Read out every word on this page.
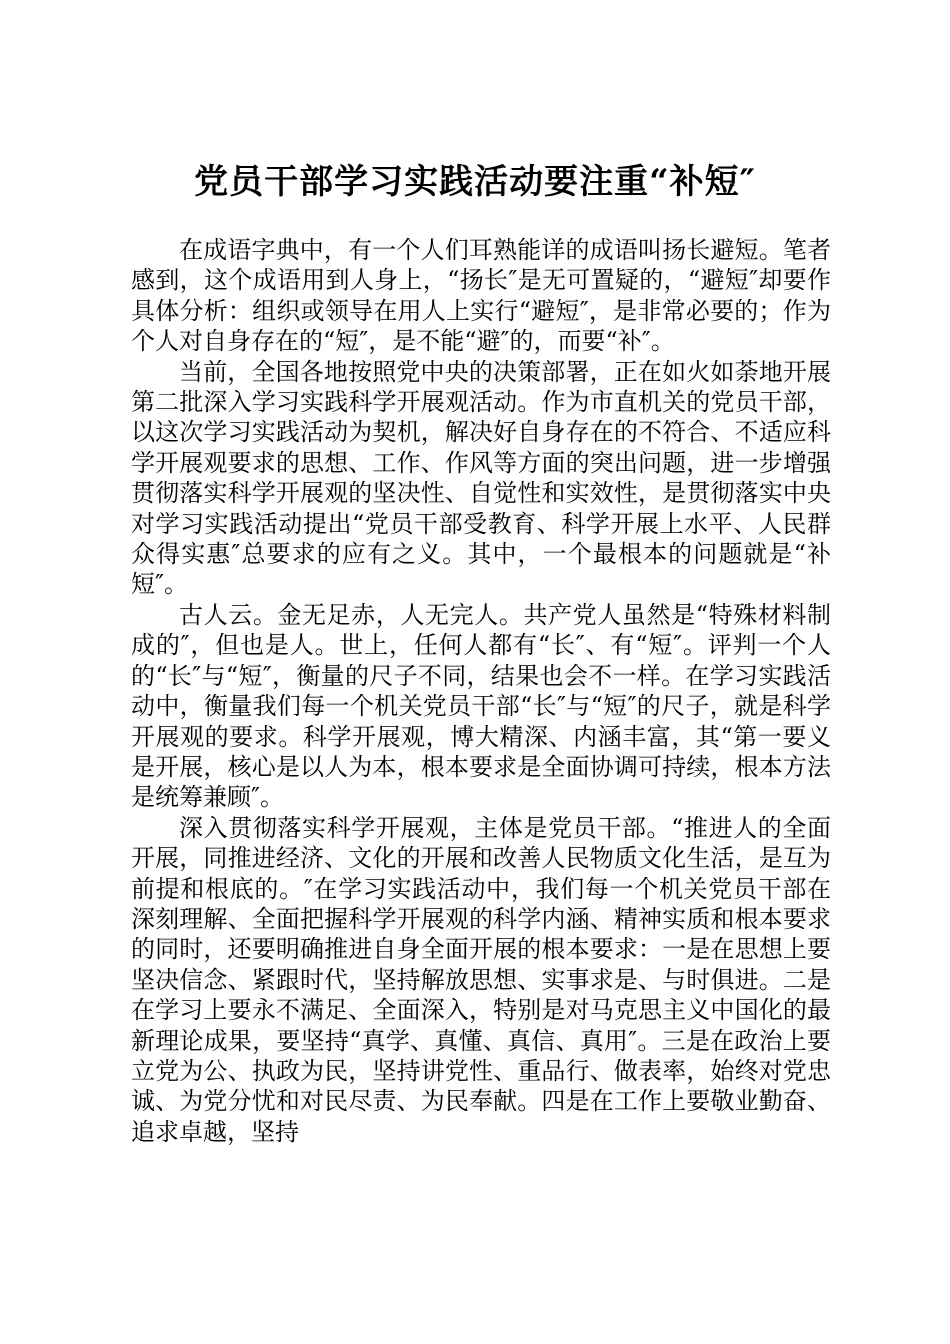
党员干部学习实践活动要注重“补短″

在成语字典中，有一个人们耳熟能详的成语叫扬长避短。笔者感到，这个成语用到人身上，“扬长″是无可置疑的，“避短″却要作具体分析：组织或领导在用人上实行“避短″，是非常必要的；作为个人对自身存在的“短″，是不能“避″的，而要“补″。

当前，全国各地按照党中央的决策部署，正在如火如荼地开展第二批深入学习实践科学开展观活动。作为市直机关的党员干部，以这次学习实践活动为契机，解决好自身存在的不符合、不适应科学开展观要求的思想、工作、作风等方面的突出问题，进一步增强贯彻落实科学开展观的坚决性、自觉性和实效性，是贯彻落实中央对学习实践活动提出“党员干部受教育、科学开展上水平、人民群众得实惠″总要求的应有之义。其中，一个最根本的问题就是“补短″。

古人云。金无足赤，人无完人。共产党人虽然是“特殊材料制成的″，但也是人。世上，任何人都有“长″、有“短″。评判一个人的“长″与“短″，衡量的尺子不同，结果也会不一样。在学习实践活动中，衡量我们每一个机关党员干部“长″与“短″的尺子，就是科学开展观的要求。科学开展观，博大精深、内涵丰富，其“第一要义是开展，核心是以人为本，根本要求是全面协调可持续，根本方法是统筹兼顾″。

深入贯彻落实科学开展观，主体是党员干部。“推进人的全面开展，同推进经济、文化的开展和改善人民物质文化生活，是互为前提和根底的。″在学习实践活动中，我们每一个机关党员干部在深刻理解、全面把握科学开展观的科学内涵、精神实质和根本要求的同时，还要明确推进自身全面开展的根本要求：一是在思想上要坚决信念、紧跟时代，坚持解放思想、实事求是、与时俱进。二是在学习上要永不满足、全面深入，特别是对马克思主义中国化的最新理论成果，要坚持“真学、真懂、真信、真用″。三是在政治上要立党为公、执政为民，坚持讲党性、重品行、做表率，始终对党忠诚、为党分忧和对民尽责、为民奉献。四是在工作上要敬业勤奋、追求卓越，坚持
